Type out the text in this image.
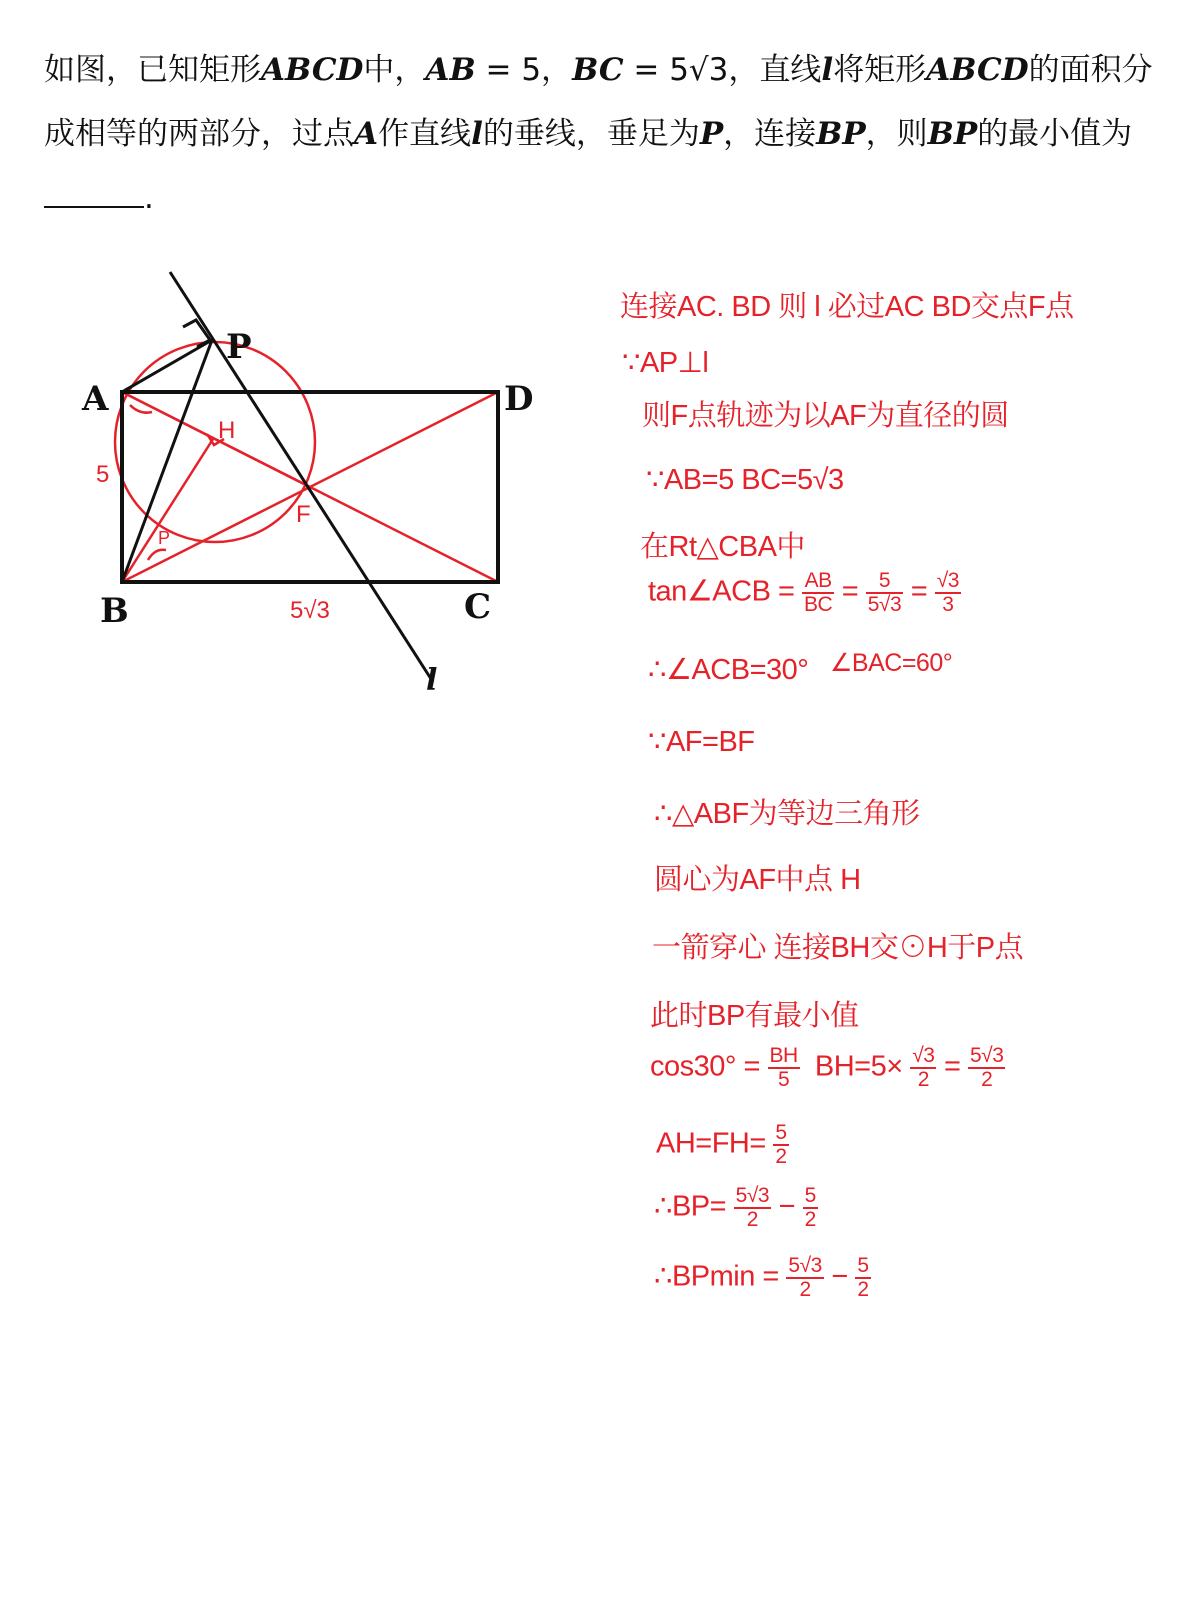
如图，已知矩形ABCD中，AB = 5，BC = 5√3，直线l将矩形ABCD的面积分成相等的两部分，过点A作直线l的垂线，垂足为P，连接BP，则BP的最小值为.
A
B	C
D
P
l
H
F
5
5√3
P
连接AC. BD 则 l 必过AC BD交点F点
∵AP⊥l
则F点轨迹为以AF为直径的圆
∵AB=5 BC=5√3
在Rt△CBA中
tan∠ACB = $\frac{AB}{BC} = \frac{5}{5√3} = \frac{√3}{3}$
∴∠ACB=30° ∠BAC=60°
∵AF=BF
∴△ABF为等边三角形
圆心为AF中点 H
一箭穿心 连接BH交⊙H于P点
此时BP有最小值
$\cos 30^\circ = \frac{BH}{5} BH=5\times \frac{√3}{2} = \frac{5√3}{2}$
$AH=FH= \frac{5}{2}$
∴BP= $\frac{5√3}{2} - \frac{5}{2}$
∴BPmin = $\frac{5√3}{2} - \frac{5}{2}$
